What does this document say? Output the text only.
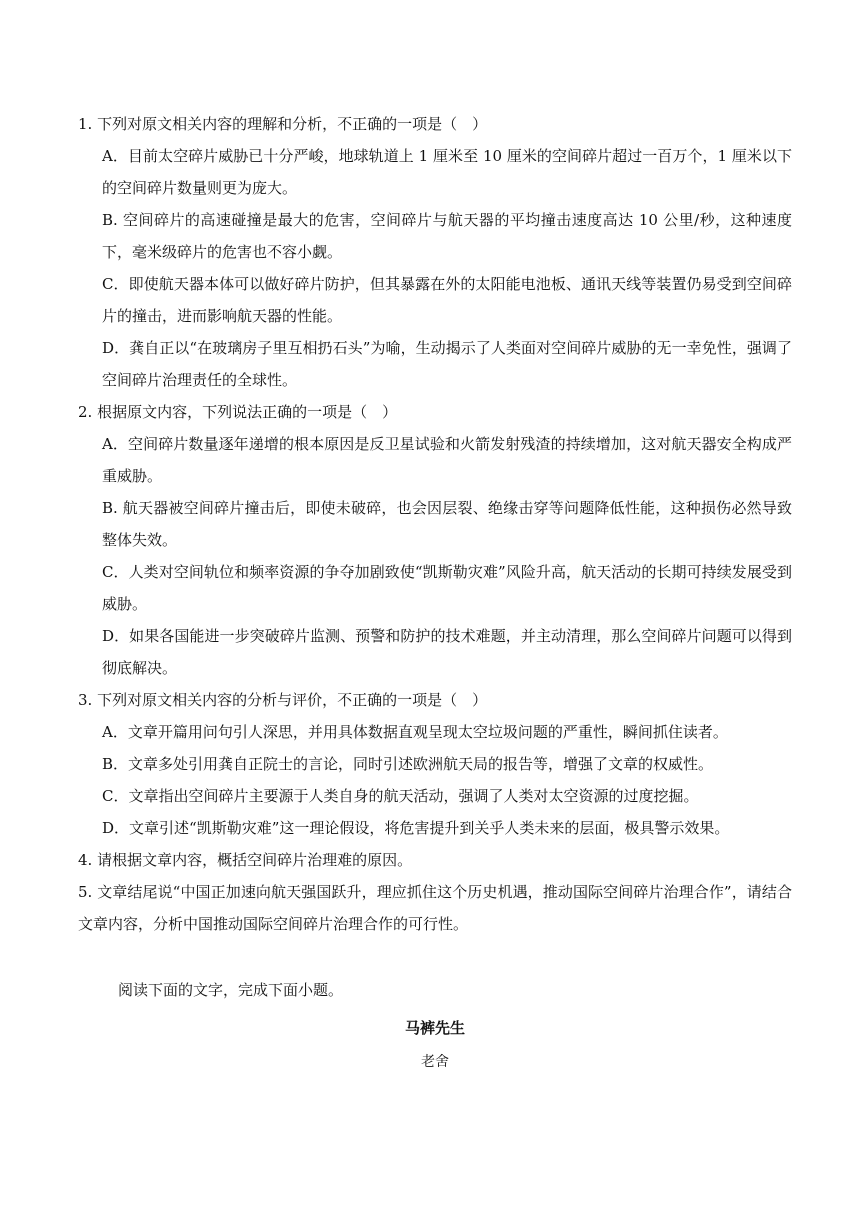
1. 下列对原文相关内容的理解和分析，不正确的一项是（　）

A．目前太空碎片威胁已十分严峻，地球轨道上 1 厘米至 10 厘米的空间碎片超过一百万个，1 厘米以下的空间碎片数量则更为庞大。

B. 空间碎片的高速碰撞是最大的危害，空间碎片与航天器的平均撞击速度高达 10 公里/秒，这种速度下，毫米级碎片的危害也不容小觑。

C．即使航天器本体可以做好碎片防护，但其暴露在外的太阳能电池板、通讯天线等装置仍易受到空间碎片的撞击，进而影响航天器的性能。

D．龚自正以“在玻璃房子里互相扔石头”为喻，生动揭示了人类面对空间碎片威胁的无一幸免性，强调了空间碎片治理责任的全球性。

2. 根据原文内容，下列说法正确的一项是（　）

A．空间碎片数量逐年递增的根本原因是反卫星试验和火箭发射残渣的持续增加，这对航天器安全构成严重威胁。

B. 航天器被空间碎片撞击后，即使未破碎，也会因层裂、绝缘击穿等问题降低性能，这种损伤必然导致整体失效。

C．人类对空间轨位和频率资源的争夺加剧致使“凯斯勒灾难”风险升高，航天活动的长期可持续发展受到威胁。

D．如果各国能进一步突破碎片监测、预警和防护的技术难题，并主动清理，那么空间碎片问题可以得到彻底解决。

3. 下列对原文相关内容的分析与评价，不正确的一项是（　）

A．文章开篇用问句引人深思，并用具体数据直观呈现太空垃圾问题的严重性，瞬间抓住读者。

B．文章多处引用龚自正院士的言论，同时引述欧洲航天局的报告等，增强了文章的权威性。

C．文章指出空间碎片主要源于人类自身的航天活动，强调了人类对太空资源的过度挖掘。

D．文章引述“凯斯勒灾难”这一理论假设，将危害提升到关乎人类未来的层面，极具警示效果。

4. 请根据文章内容，概括空间碎片治理难的原因。

5. 文章结尾说“中国正加速向航天强国跃升，理应抓住这个历史机遇，推动国际空间碎片治理合作”，请结合文章内容，分析中国推动国际空间碎片治理合作的可行性。

阅读下面的文字，完成下面小题。

马裤先生

老舍
